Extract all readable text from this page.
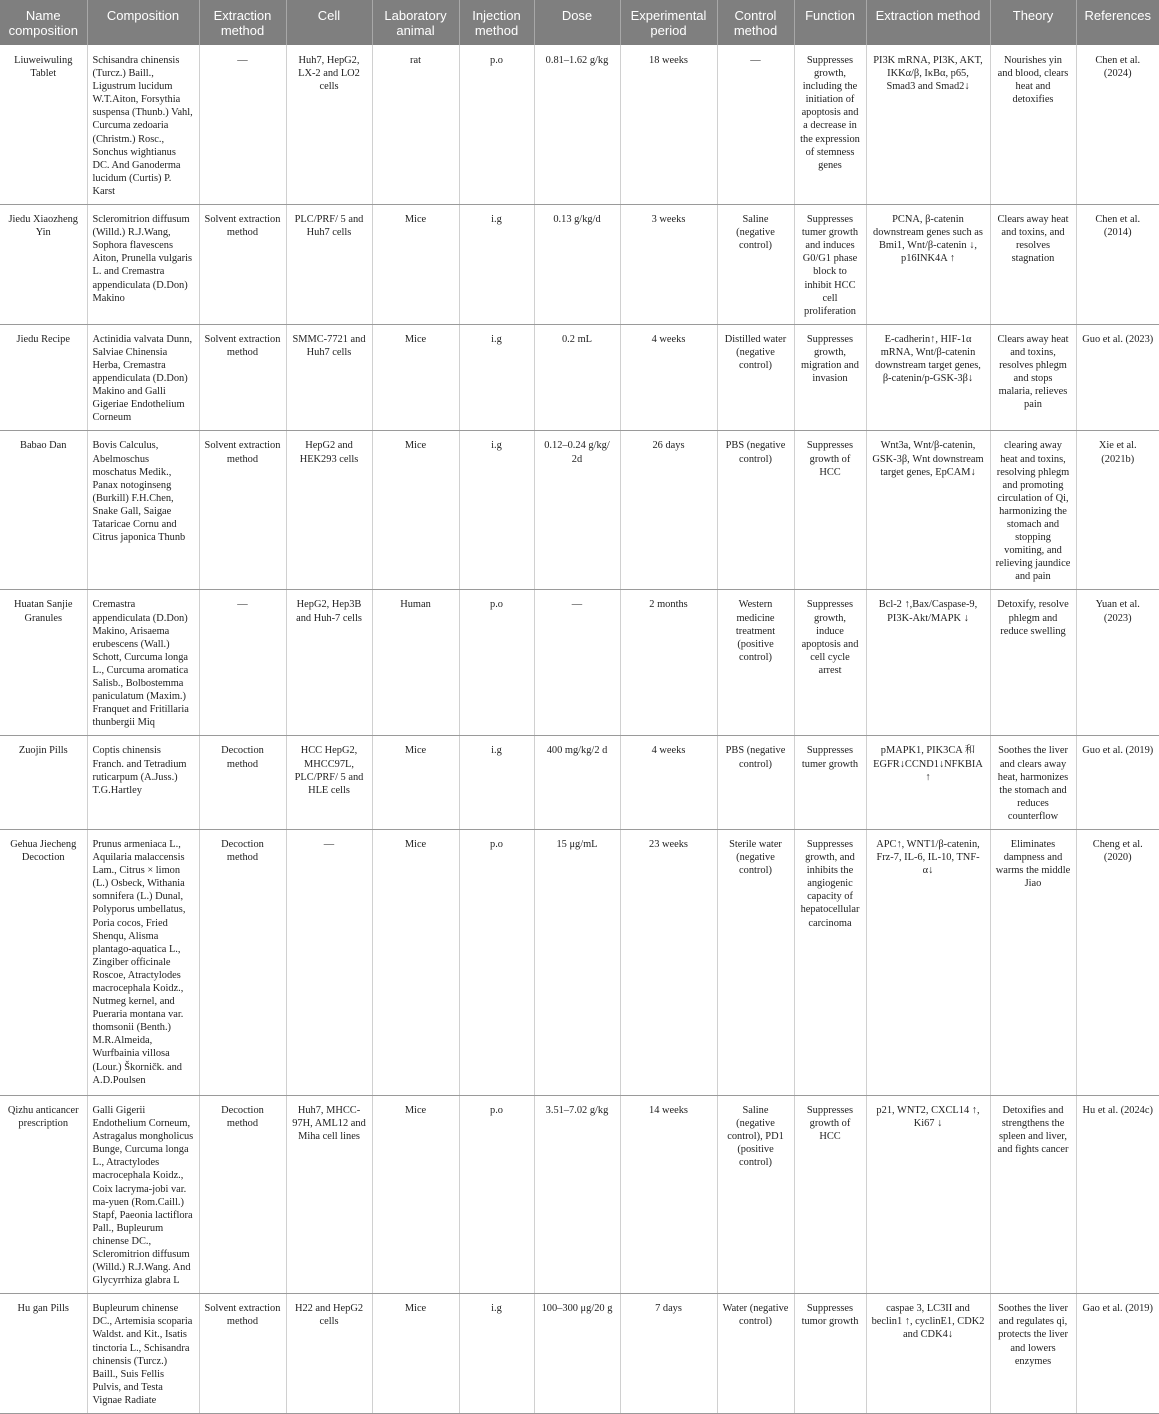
Name composition	Composition	Extraction method	Cell	Laboratory animal	Injection method	Dose	Experimental period	Control method	Function	Extraction method	Theory	References
Liuweiwuling Tablet	Schisandra chinensis (Turcz.) Baill., Ligustrum lucidum W.T.Aiton, Forsythia suspensa (Thunb.) Vahl, Curcuma zedoaria (Christm.) Rosc., Sonchus wightianus DC. And Ganoderma lucidum (Curtis) P. Karst	—	Huh7, HepG2, LX-2 and LO2 cells	rat	p.o	0.81–1.62 g/kg	18 weeks	—	Suppresses growth, including the initiation of apoptosis and a decrease in the expression of stemness genes	PI3K mRNA, PI3K, AKT, IKKα/β, IκBα, p65, Smad3 and Smad2↓	Nourishes yin and blood, clears heat and detoxifies	Chen et al. (2024)
Jiedu Xiaozheng Yin	Scleromitrion diffusum (Willd.) R.J.Wang, Sophora flavescens Aiton, Prunella vulgaris L. and Cremastra appendiculata (D.Don) Makino	Solvent extraction method	PLC/PRF/ 5 and Huh7 cells	Mice	i.g	0.13 g/kg/d	3 weeks	Saline (negative control)	Suppresses tumer growth and induces G0/G1 phase block to inhibit HCC cell proliferation	PCNA, β-catenin downstream genes such as Bmi1, Wnt/β-catenin ↓, p16INK4A ↑	Clears away heat and toxins, and resolves stagnation	Chen et al. (2014)
Jiedu Recipe	Actinidia valvata Dunn, Salviae Chinensia Herba, Cremastra appendiculata (D.Don) Makino and Galli Gigeriae Endothelium Corneum	Solvent extraction method	SMMC-7721 and Huh7 cells	Mice	i.g	0.2 mL	4 weeks	Distilled water (negative control)	Suppresses growth, migration and invasion	E-cadherin↑, HIF-1α mRNA, Wnt/β-catenin downstream target genes, β-catenin/p-GSK-3β↓	Clears away heat and toxins, resolves phlegm and stops malaria, relieves pain	Guo et al. (2023)
Babao Dan	Bovis Calculus, Abelmoschus moschatus Medik., Panax notoginseng (Burkill) F.H.Chen, Snake Gall, Saigae Tataricae Cornu and Citrus japonica Thunb	Solvent extraction method	HepG2 and HEK293 cells	Mice	i.g	0.12–0.24 g/kg/ 2d	26 days	PBS (negative control)	Suppresses growth of HCC	Wnt3a, Wnt/β-catenin, GSK-3β, Wnt downstream target genes, EpCAM↓	clearing away heat and toxins, resolving phlegm and promoting circulation of Qi, harmonizing the stomach and stopping vomiting, and relieving jaundice and pain	Xie et al. (2021b)
Huatan Sanjie Granules	Cremastra appendiculata (D.Don) Makino, Arisaema erubescens (Wall.) Schott, Curcuma longa L., Curcuma aromatica Salisb., Bolbostemma paniculatum (Maxim.) Franquet and Fritillaria thunbergii Miq	—	HepG2, Hep3B and Huh-7 cells	Human	p.o	—	2 months	Western medicine treatment (positive control)	Suppresses growth, induce apoptosis and cell cycle arrest	Bcl-2 ↑,Bax/Caspase-9, PI3K-Akt/MAPK ↓	Detoxify, resolve phlegm and reduce swelling	Yuan et al. (2023)
Zuojin Pills	Coptis chinensis Franch. and Tetradium ruticarpum (A.Juss.) T.G.Hartley	Decoction method	HCC HepG2, MHCC97L, PLC/PRF/ 5 and HLE cells	Mice	i.g	400 mg/kg/2 d	4 weeks	PBS (negative control)	Suppresses tumer growth	pMAPK1, PIK3CA 和 EGFR↓CCND1↓NFKBIA↑	Soothes the liver and clears away heat, harmonizes the stomach and reduces counterflow	Guo et al. (2019)
Gehua Jiecheng Decoction	Prunus armeniaca L., Aquilaria malaccensis Lam., Citrus × limon (L.) Osbeck, Withania somnifera (L.) Dunal, Polyporus umbellatus, Poria cocos, Fried Shenqu, Alisma plantago-aquatica L., Zingiber officinale Roscoe, Atractylodes macrocephala Koidz., Nutmeg kernel, and Pueraria montana var. thomsonii (Benth.) M.R.Almeida, Wurfbainia villosa (Lour.) Škorničk. and A.D.Poulsen	Decoction method	—	Mice	p.o	15 μg/mL	23 weeks	Sterile water (negative control)	Suppresses growth, and inhibits the angiogenic capacity of hepatocellular carcinoma	APC↑, WNT1/β-catenin, Frz-7, IL-6, IL-10, TNF-α↓	Eliminates dampness and warms the middle Jiao	Cheng et al. (2020)
Qizhu anticancer prescription	Galli Gigerii Endothelium Corneum, Astragalus mongholicus Bunge, Curcuma longa L., Atractylodes macrocephala Koidz., Coix lacryma-jobi var. ma-yuen (Rom.Caill.) Stapf, Paeonia lactiflora Pall., Bupleurum chinense DC., Scleromitrion diffusum (Willd.) R.J.Wang. And Glycyrrhiza glabra L	Decoction method	Huh7, MHCC-97H, AML12 and Miha cell lines	Mice	p.o	3.51–7.02 g/kg	14 weeks	Saline (negative control), PD1 (positive control)	Suppresses growth of HCC	p21, WNT2, CXCL14 ↑, Ki67 ↓	Detoxifies and strengthens the spleen and liver, and fights cancer	Hu et al. (2024c)
Hu gan Pills	Bupleurum chinense DC., Artemisia scoparia Waldst. and Kit., Isatis tinctoria L., Schisandra chinensis (Turcz.) Baill., Suis Fellis Pulvis, and Testa Vignae Radiate	Solvent extraction method	H22 and HepG2 cells	Mice	i.g	100–300 μg/20 g	7 days	Water (negative control)	Suppresses tumor growth	caspae 3, LC3II and beclin1 ↑, cyclinE1, CDK2 and CDK4↓	Soothes the liver and regulates qi, protects the liver and lowers enzymes	Gao et al. (2019)
